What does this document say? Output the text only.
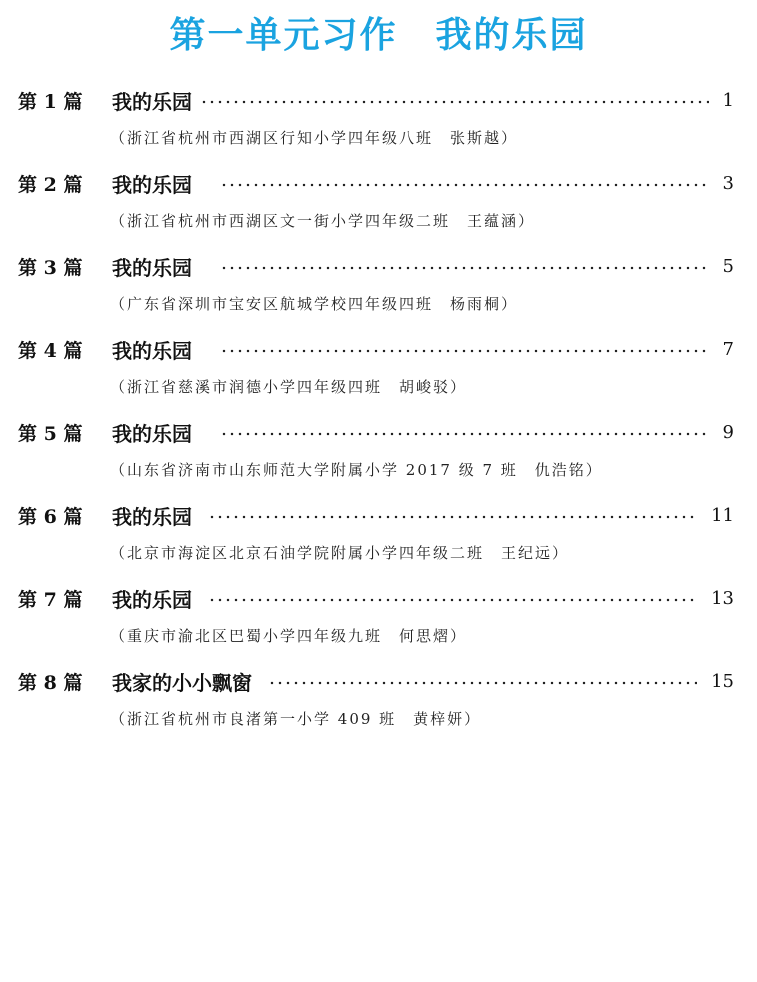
第一单元习作　我的乐园
第 1 篇	我的乐园	1
（浙江省杭州市西湖区行知小学四年级八班　张斯越）
第 2 篇	我的乐园	3
（浙江省杭州市西湖区文一街小学四年级二班　王蕴涵）
第 3 篇	我的乐园	5
（广东省深圳市宝安区航城学校四年级四班　杨雨桐）
第 4 篇	我的乐园	7
（浙江省慈溪市润德小学四年级四班　胡峻驳）
第 5 篇	我的乐园	9
（山东省济南市山东师范大学附属小学 2017 级 7 班　仇浩铭）
第 6 篇	我的乐园	11
（北京市海淀区北京石油学院附属小学四年级二班　王纪远）
第 7 篇	我的乐园	13
（重庆市渝北区巴蜀小学四年级九班　何思熠）
第 8 篇	我家的小小飘窗	15
（浙江省杭州市良渚第一小学 409 班　黄梓妍）
